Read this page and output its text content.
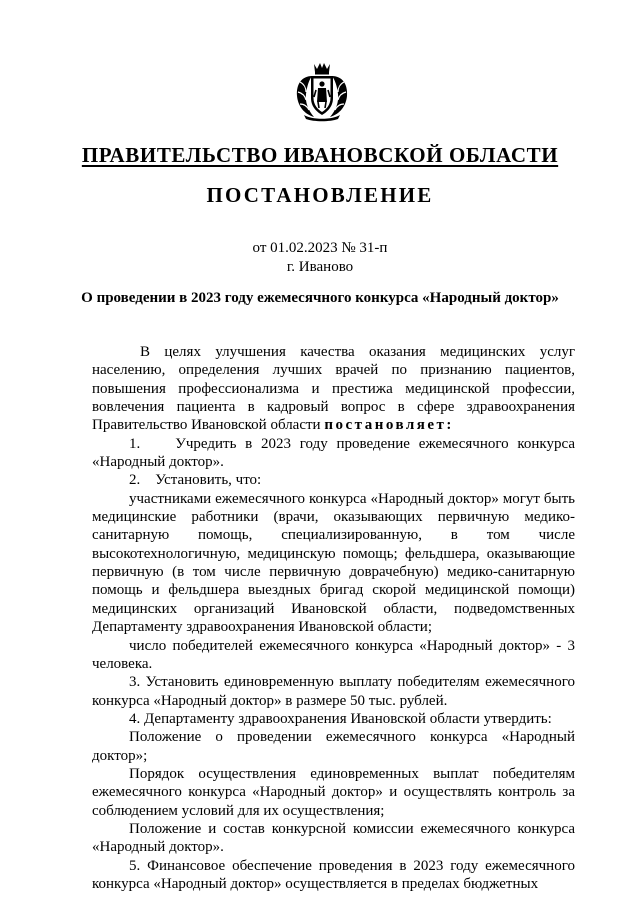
ПРАВИТЕЛЬСТВО ИВАНОВСКОЙ ОБЛАСТИ
ПОСТАНОВЛЕНИЕ
от 01.02.2023 № 31-п
г. Иваново
О проведении в 2023 году ежемесячного конкурса «Народный доктор»

В целях улучшения качества оказания медицинских услуг населению, определения лучших врачей по признанию пациентов, повышения профессионализма и престижа медицинской профессии, вовлечения пациента в кадровый вопрос в сфере здравоохранения Правительство Ивановской области постановляет:

1.    Учредить в 2023 году проведение ежемесячного конкурса «Народный доктор».

2.    Установить, что:

участниками ежемесячного конкурса «Народный доктор» могут быть медицинские работники (врачи, оказывающих первичную медико-санитарную помощь, специализированную, в том числе высокотехнологичную, медицинскую помощь; фельдшера, оказывающие первичную (в том числе первичную доврачебную) медико-санитарную помощь и фельдшера выездных бригад скорой медицинской помощи) медицинских организаций Ивановской области, подведомственных Департаменту здравоохранения Ивановской области;

число победителей ежемесячного конкурса «Народный доктор» - 3 человека.

3. Установить единовременную выплату победителям ежемесячного конкурса «Народный доктор» в размере 50 тыс. рублей.

4. Департаменту здравоохранения Ивановской области утвердить:

Положение о проведении ежемесячного конкурса «Народный доктор»;

Порядок осуществления единовременных выплат победителям ежемесячного конкурса «Народный доктор» и осуществлять контроль за соблюдением условий для их осуществления;

Положение и состав конкурсной комиссии ежемесячного конкурса «Народный доктор».

5. Финансовое обеспечение проведения в 2023 году ежемесячного конкурса «Народный доктор» осуществляется в пределах бюджетных
